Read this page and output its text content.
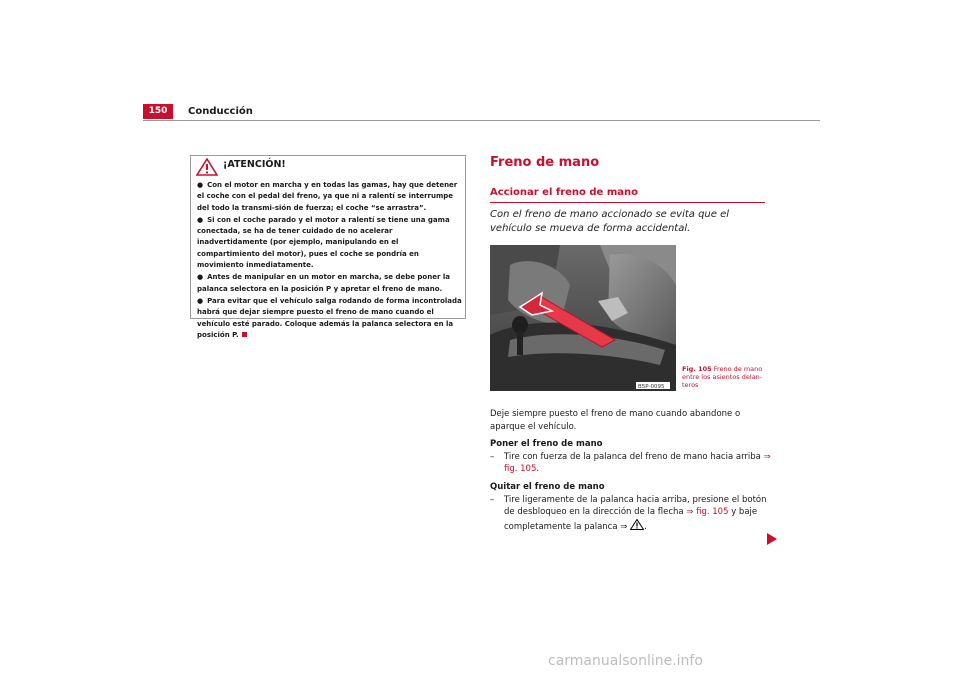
150	Conducción
¡ATENCIÓN!

● Con el motor en marcha y en todas las gamas, hay que detener el coche con el pedal del freno, ya que ni a ralentí se interrumpe del todo la transmi-sión de fuerza; el coche “se arrastra”.

● Si con el coche parado y el motor a ralentí se tiene una gama conectada, se ha de tener cuidado de no acelerar inadvertidamente (por ejemplo, manipulando en el compartimiento del motor), pues el coche se pondría en movimiento inmediatamente.

● Antes de manipular en un motor en marcha, se debe poner la palanca selectora en la posición P y apretar el freno de mano.

● Para evitar que el vehículo salga rodando de forma incontrolada habrá que dejar siempre puesto el freno de mano cuando el vehículo esté parado. Coloque además la palanca selectora en la posición P.

Freno de mano
Accionar el freno de mano
Con el freno de mano accionado se evita que el vehículo se mueva de forma accidental.
B5P-0095
Fig. 105 Freno de mano entre los asientos delan-teros

Deje siempre puesto el freno de mano cuando abandone o aparque el vehículo.

Poner el freno de mano

– Tire con fuerza de la palanca del freno de mano hacia arriba ⇒ fig. 105.

Quitar el freno de mano

– Tire ligeramente de la palanca hacia arriba, presione el botón de desbloqueo en la dirección de la flecha ⇒ fig. 105 y baje completamente la palanca ⇒ .

carmanualsonline.info
